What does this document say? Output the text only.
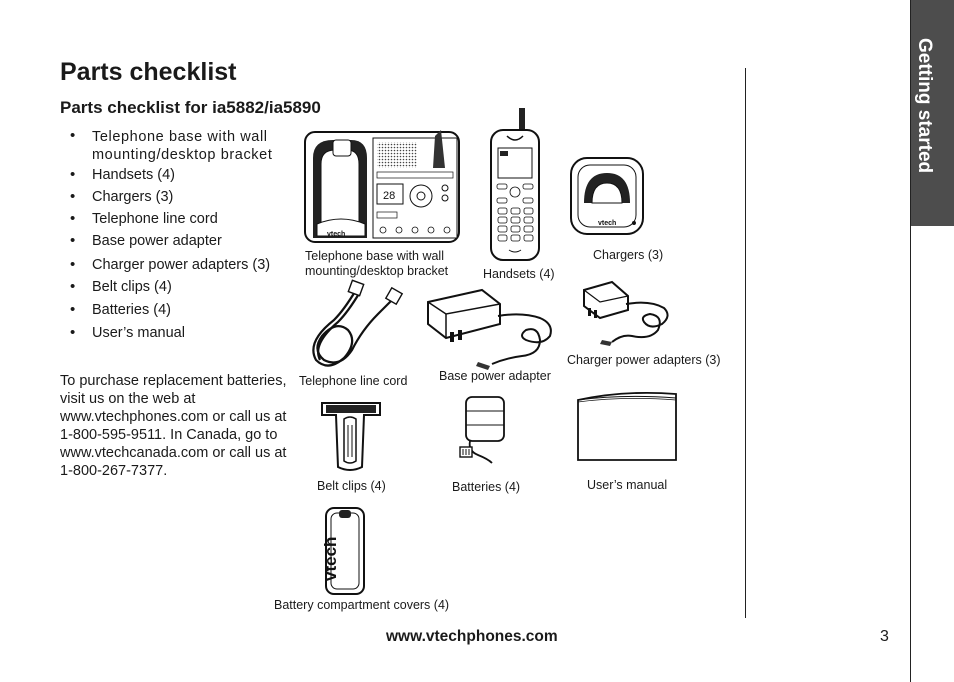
Parts checklist
Parts checklist for ia5882/ia5890
• Telephone base with wall mounting/desktop bracket
• Handsets (4)
• Chargers (3)
• Telephone line cord
• Base power adapter
• Charger power adapters (3)
• Belt clips (4)
• Batteries (4)
• User’s manual
To purchase replacement batteries, visit us on the web at www.vtechphones.com or call us at 1-800-595-9511. In Canada, go to www.vtechcanada.com or call us at 1-800-267-7377.
vtech
28
Telephone base with wall mounting/desktop bracket	Handsets (4)
vtech
Chargers (3)
Telephone line cord	Base power adapter
Charger power adapters (3)
Belt clips (4)	Batteries (4)	User’s manual
vtech
Battery compartment covers (4)
Getting started
www.vtechphones.com	3
